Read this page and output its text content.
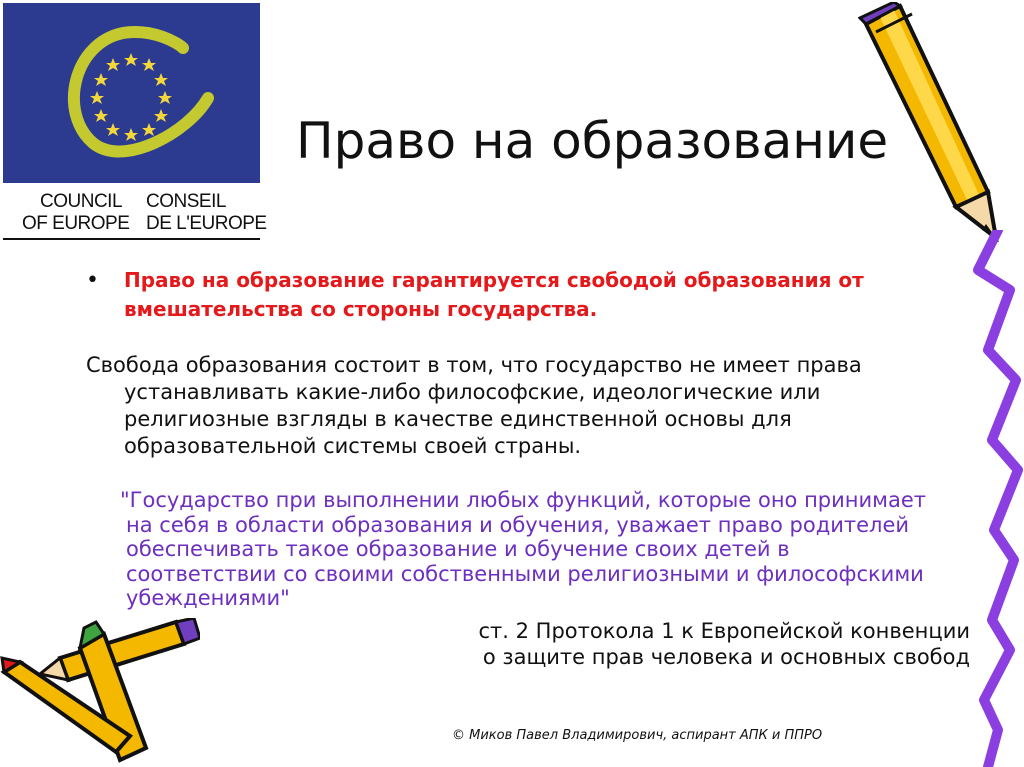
COUNCIL
OF EUROPE
CONSEIL
DE L'EUROPE
Право на образование
• Право на образование гарантируется свободой образования от вмешательства со стороны государства.
Свобода образования состоит в том, что государство не имеет права устанавливать какие-либо философские, идеологические или религиозные взгляды в качестве единственной основы для образовательной системы своей страны.
"Государство при выполнении любых функций, которые оно принимает на себя в области образования и обучения, уважает право родителей обеспечивать такое образование и обучение своих детей в соответствии со своими собственными религиозными и философскими убеждениями"
ст. 2 Протокола 1 к Европейской конвенции
о защите прав человека и основных свобод
© Миков Павел Владимирович, аспирант АПК и ППРО
